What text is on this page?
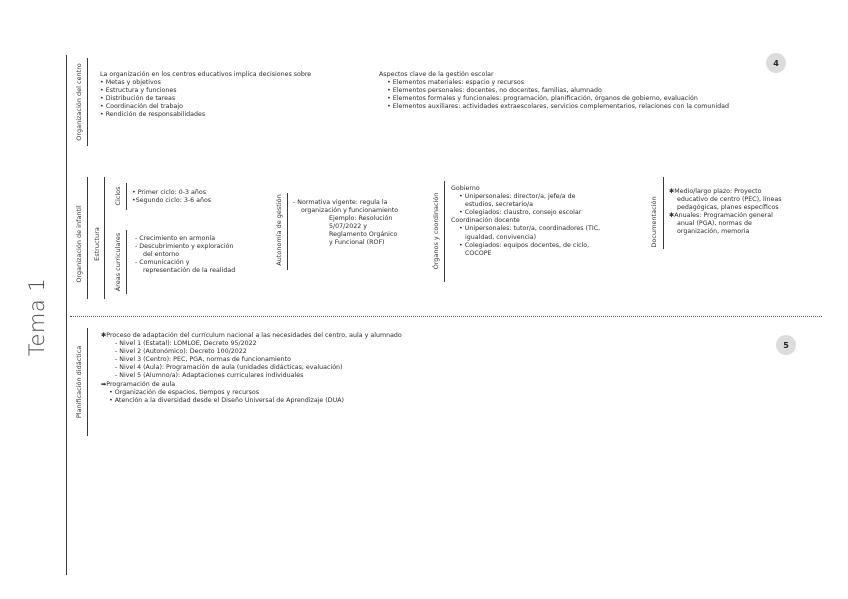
Tema 1
4
5
Organización del centro	La organización en los centros educativos implica decisiones sobre
• Metas y objetivos
• Estructura y funciones
• Distribución de tareas
• Coordinación del trabajo
• Rendición de responsabilidades
Aspectos clave de la gestión escolar
• Elementos materiales: espacio y recursos
• Elementos personales: docentes, no docentes, familias, alumnado
• Elementos formales y funcionales: programación, planificación, órganos de gobierno, evaluación
• Elementos auxiliares: actividades extraescolares, servicios complementarios, relaciones con la comunidad
Organización de infantil Estructura
Ciclos • Primer ciclo: 0-3 años
•Segundo ciclo: 3-6 años
Áreas curriculares - Crecimiento en armonía
- Descubrimiento y exploración
del entorno
- Comunicación y
representación de la realidad
Autonomía de gestión - Normativa vigente: regula la
organización y funcionamiento
Ejemplo: Resolución
5/07/2022 y
Reglamento Orgánico
y Funcional (ROF)	Órganos y coordinación
Gobierno
• Unipersonales: director/a, jefe/a de
estudios, secretario/a
• Colegiados: claustro, consejo escolar
Coordinación docente
• Unipersonales: tutor/a, coordinadores (TIC,
igualdad, convivencia)
• Colegiados: equipos docentes, de ciclo,
COCOPE
Documentación
✱Medio/largo plazo: Proyecto
educativo de centro (PEC), líneas
pedagógicas, planes específicos
✱Anuales: Programación general
anual (PGA), normas de
organización, memoria
Planificación didáctica
✱Proceso de adaptación del currículum nacional a las necesidades del centro, aula y alumnado
- Nivel 1 (Estatal): LOMLOE, Decreto 95/2022
- Nivel 2 (Autonómico): Decreto 100/2022
- Nivel 3 (Centro): PEC, PGA, normas de funcionamiento
- Nivel 4 (Aula): Programación de aula (unidades didácticas, evaluación)
- Nivel 5 (Alumno/a): Adaptaciones curriculares individuales
➡Programación de aula
• Organización de espacios, tiempos y recursos
• Atención a la diversidad desde el Diseño Universal de Aprendizaje (DUA)
